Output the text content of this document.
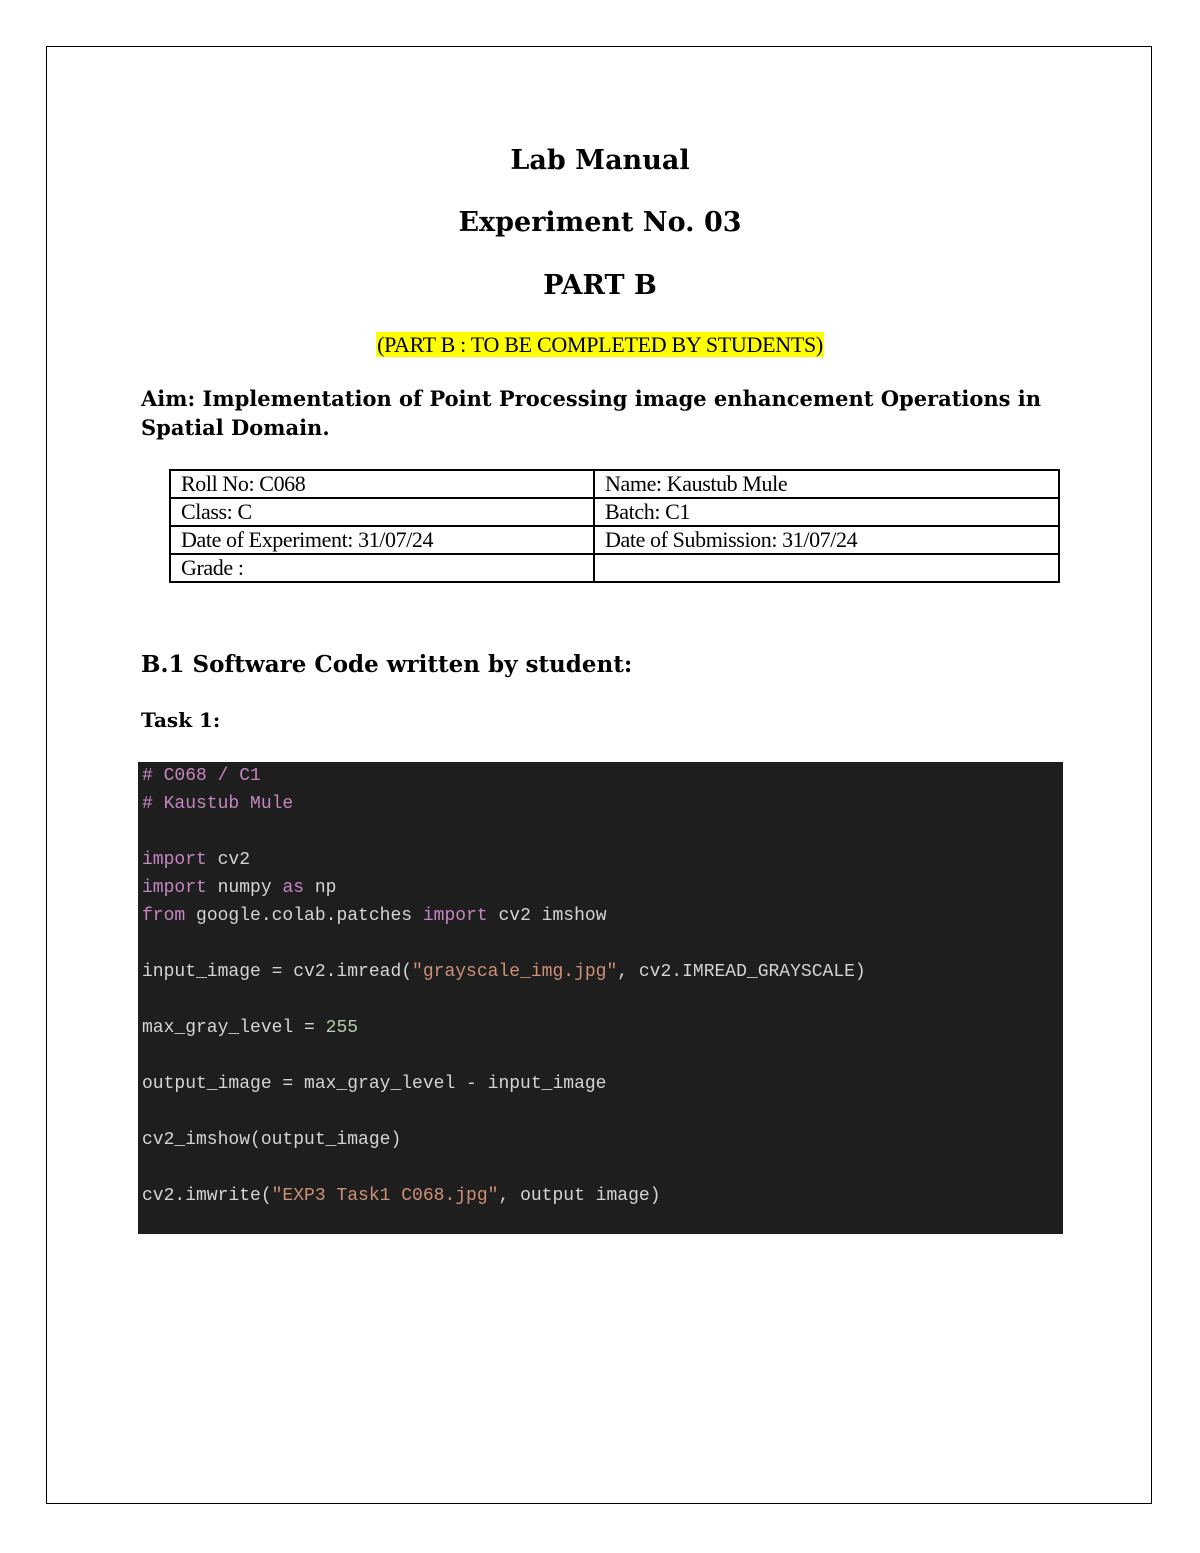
Lab Manual
Experiment No. 03
PART B
(PART B : TO BE COMPLETED BY STUDENTS)

Aim: Implementation of Point Processing image enhancement Operations in Spatial Domain.

Roll No: C068	Name: Kaustub Mule
Class: C	Batch: C1
Date of Experiment: 31/07/24	Date of Submission: 31/07/24
Grade :	
B.1 Software Code written by student:
Task 1:
# C068 / C1
# Kaustub Mule
import cv2
import numpy as np
from google.colab.patches import cv2 imshow
input_image = cv2.imread("grayscale_img.jpg", cv2.IMREAD_GRAYSCALE)
max_gray_level = 255
output_image = max_gray_level - input_image
cv2_imshow(output_image)
cv2.imwrite("EXP3 Task1 C068.jpg", output image)
